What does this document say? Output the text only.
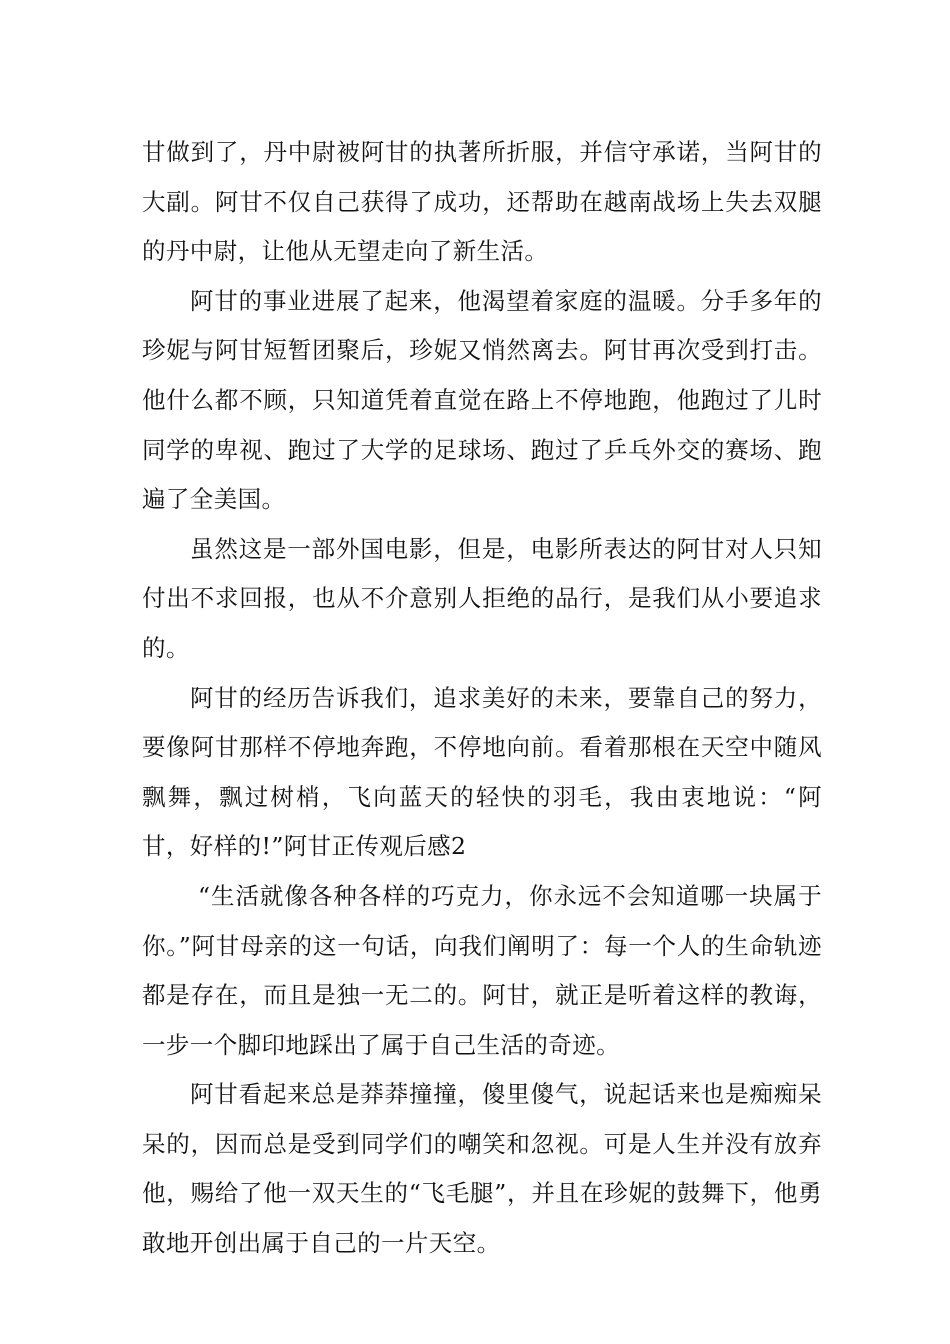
甘做到了，丹中尉被阿甘的执著所折服，并信守承诺，当阿甘的大副。阿甘不仅自己获得了成功，还帮助在越南战场上失去双腿的丹中尉，让他从无望走向了新生活。

阿甘的事业进展了起来，他渴望着家庭的温暖。分手多年的珍妮与阿甘短暂团聚后，珍妮又悄然离去。阿甘再次受到打击。他什么都不顾，只知道凭着直觉在路上不停地跑，他跑过了儿时同学的卑视、跑过了大学的足球场、跑过了乒乓外交的赛场、跑遍了全美国。

虽然这是一部外国电影，但是，电影所表达的阿甘对人只知付出不求回报，也从不介意别人拒绝的品行，是我们从小要追求的。

阿甘的经历告诉我们，追求美好的未来，要靠自己的努力，要像阿甘那样不停地奔跑，不停地向前。看着那根在天空中随风飘舞，飘过树梢，飞向蓝天的轻快的羽毛，我由衷地说：“阿甘，好样的!”阿甘正传观后感2

“生活就像各种各样的巧克力，你永远不会知道哪一块属于你。”阿甘母亲的这一句话，向我们阐明了：每一个人的生命轨迹都是存在，而且是独一无二的。阿甘，就正是听着这样的教诲，一步一个脚印地踩出了属于自己生活的奇迹。

阿甘看起来总是莽莽撞撞，傻里傻气，说起话来也是痴痴呆呆的，因而总是受到同学们的嘲笑和忽视。可是人生并没有放弃他，赐给了他一双天生的“飞毛腿”，并且在珍妮的鼓舞下，他勇敢地开创出属于自己的一片天空。
